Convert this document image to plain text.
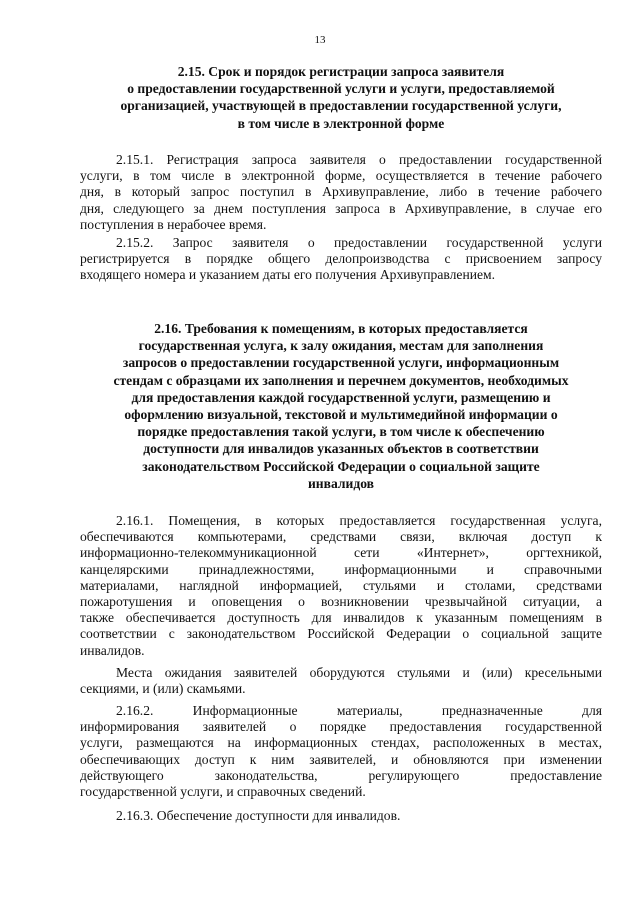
13
2.15. Срок и порядок регистрации запроса заявителя
о предоставлении государственной услуги и услуги, предоставляемой
организацией, участвующей в предоставлении государственной услуги,
в том числе в электронной форме
2.15.1. Регистрация запроса заявителя о предоставлении государственной
услуги, в том числе в электронной форме, осуществляется в течение рабочего
дня, в который запрос поступил в Архивуправление, либо в течение рабочего
дня, следующего за днем поступления запроса в Архивуправление, в случае его
поступления в нерабочее время.
2.15.2. Запрос заявителя о предоставлении государственной услуги
регистрируется в порядке общего делопроизводства с присвоением запросу
входящего номера и указанием даты его получения Архивуправлением.
2.16. Требования к помещениям, в которых предоставляется
государственная услуга, к залу ожидания, местам для заполнения
запросов о предоставлении государственной услуги, информационным
стендам с образцами их заполнения и перечнем документов, необходимых
для предоставления каждой государственной услуги, размещению и
оформлению визуальной, текстовой и мультимедийной информации о
порядке предоставления такой услуги, в том числе к обеспечению
доступности для инвалидов указанных объектов в соответствии
законодательством Российской Федерации о социальной защите
инвалидов
2.16.1. Помещения, в которых предоставляется государственная услуга,
обеспечиваются компьютерами, средствами связи, включая доступ к
информационно-телекоммуникационной сети «Интернет», оргтехникой,
канцелярскими принадлежностями, информационными и справочными
материалами, наглядной информацией, стульями и столами, средствами
пожаротушения и оповещения о возникновении чрезвычайной ситуации, а
также обеспечивается доступность для инвалидов к указанным помещениям в
соответствии с законодательством Российской Федерации о социальной защите
инвалидов.
Места ожидания заявителей оборудуются стульями и (или) кресельными
секциями, и (или) скамьями.
2.16.2. Информационные материалы, предназначенные для
информирования заявителей о порядке предоставления государственной
услуги, размещаются на информационных стендах, расположенных в местах,
обеспечивающих доступ к ним заявителей, и обновляются при изменении
действующего законодательства, регулирующего предоставление
государственной услуги, и справочных сведений.
2.16.3. Обеспечение доступности для инвалидов.
